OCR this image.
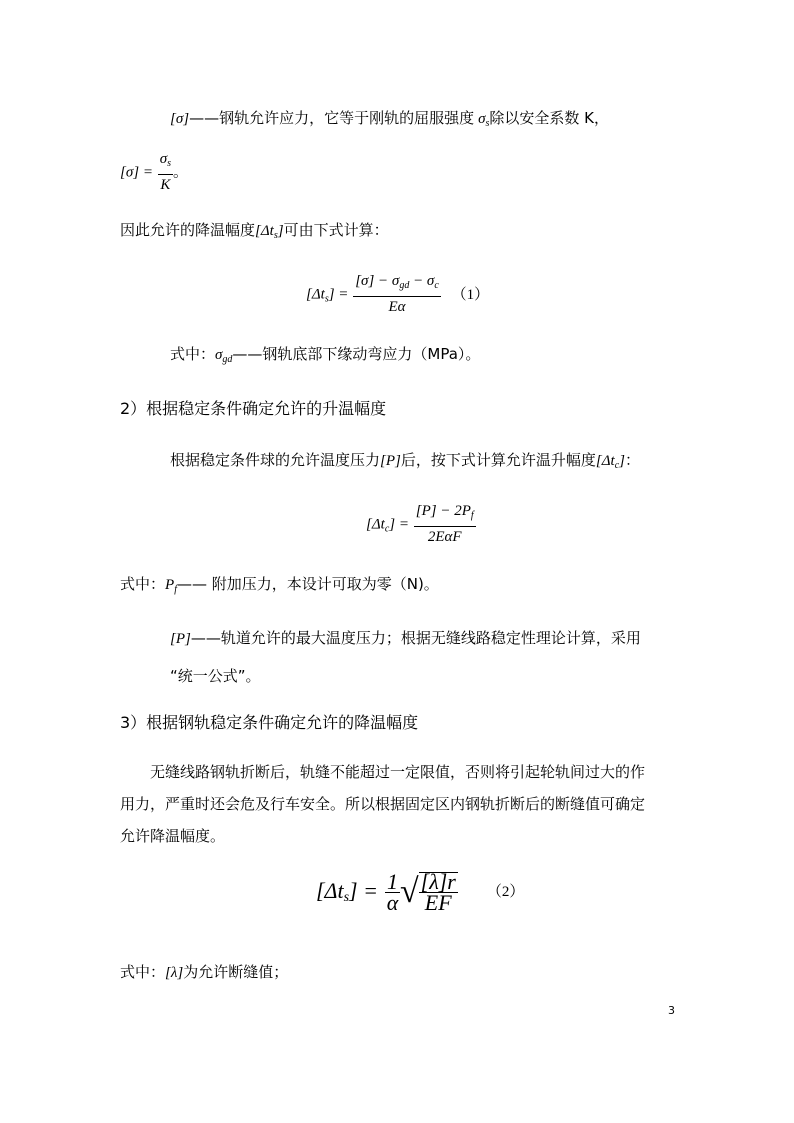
[σ]——钢轨允许应力，它等于刚轨的屈服强度 $\sigma_s$除以安全系数 K，
$[\sigma] = \frac{\sigma_s}{K}$ 。
因此允许的降温幅度$[\Delta t_s]$可由下式计算：
$[\Delta t_s] = \frac{[\sigma] - \sigma_{gd} - \sigma_c}{E\alpha} (1)$
式中：$\sigma_{gd}——$钢轨底部下缘动弯应力（MPa）。
2）根据稳定条件确定允许的升温幅度
根据稳定条件球的允许温度压力[P]后，按下式计算允许温升幅度$[\Delta t_c]$：
$[\Delta t_c] = \frac{[P] - 2P_f}{\text{2EαF}}$
式中：$P_f——$ 附加压力，本设计可取为零（N)。
[P]——轨道允许的最大温度压力；根据无缝线路稳定性理论计算，采用
“统一公式”。
3）根据钢轨稳定条件确定允许的降温幅度
无缝线路钢轨折断后，轨缝不能超过一定限值，否则将引起轮轨间过大的作
用力，严重时还会危及行车安全。所以根据固定区内钢轨折断后的断缝值可确定
允许降温幅度。
$[\Delta t_s] = \frac{1}{\alpha}$ √ $\frac{[\lambda]r}{EF} (2)$
式中：[λ]为允许断缝值；
3
